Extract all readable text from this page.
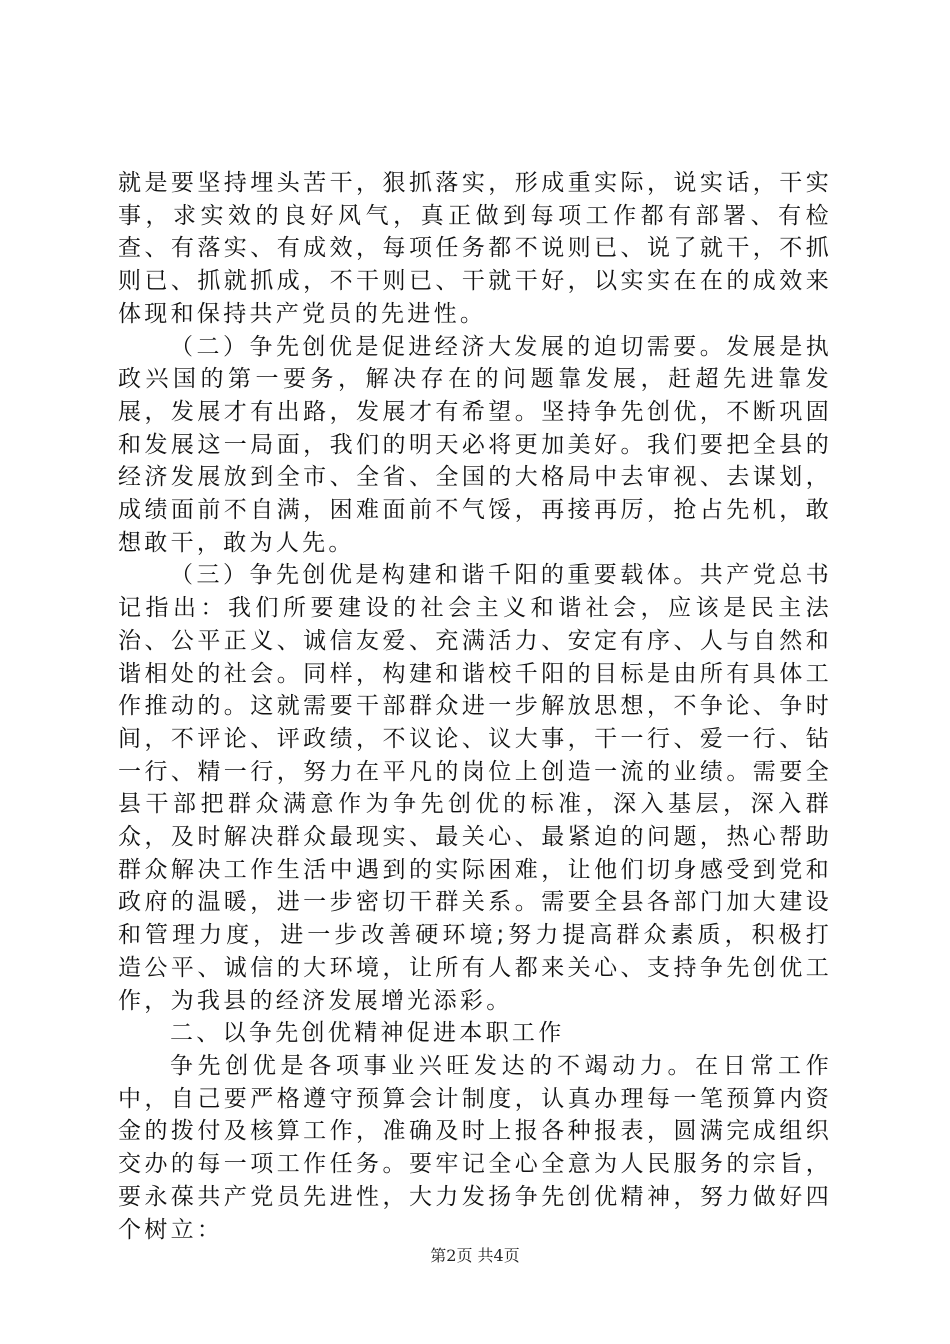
就是要坚持埋头苦干，狠抓落实，形成重实际，说实话，干实事，求实效的良好风气，真正做到每项工作都有部署、有检查、有落实、有成效，每项任务都不说则已、说了就干，不抓则已、抓就抓成，不干则已、干就干好，以实实在在的成效来体现和保持共产党员的先进性。

（二）争先创优是促进经济大发展的迫切需要。发展是执政兴国的第一要务，解决存在的问题靠发展，赶超先进靠发展，发展才有出路，发展才有希望。坚持争先创优，不断巩固和发展这一局面，我们的明天必将更加美好。我们要把全县的经济发展放到全市、全省、全国的大格局中去审视、去谋划，成绩面前不自满，困难面前不气馁，再接再厉，抢占先机，敢想敢干，敢为人先。

（三）争先创优是构建和谐千阳的重要载体。共产党总书记指出：我们所要建设的社会主义和谐社会，应该是民主法治、公平正义、诚信友爱、充满活力、安定有序、人与自然和谐相处的社会。同样，构建和谐校千阳的目标是由所有具体工作推动的。这就需要干部群众进一步解放思想，不争论、争时间，不评论、评政绩，不议论、议大事，干一行、爱一行、钻一行、精一行，努力在平凡的岗位上创造一流的业绩。需要全县干部把群众满意作为争先创优的标准，深入基层，深入群众，及时解决群众最现实、最关心、最紧迫的问题，热心帮助群众解决工作生活中遇到的实际困难，让他们切身感受到党和政府的温暖，进一步密切干群关系。需要全县各部门加大建设和管理力度，进一步改善硬环境;努力提高群众素质，积极打造公平、诚信的大环境，让所有人都来关心、支持争先创优工作，为我县的经济发展增光添彩。

二、以争先创优精神促进本职工作

争先创优是各项事业兴旺发达的不竭动力。在日常工作中，自己要严格遵守预算会计制度，认真办理每一笔预算内资金的拨付及核算工作，准确及时上报各种报表，圆满完成组织交办的每一项工作任务。要牢记全心全意为人民服务的宗旨，要永葆共产党员先进性，大力发扬争先创优精神，努力做好四个树立：

第2页 共4页
